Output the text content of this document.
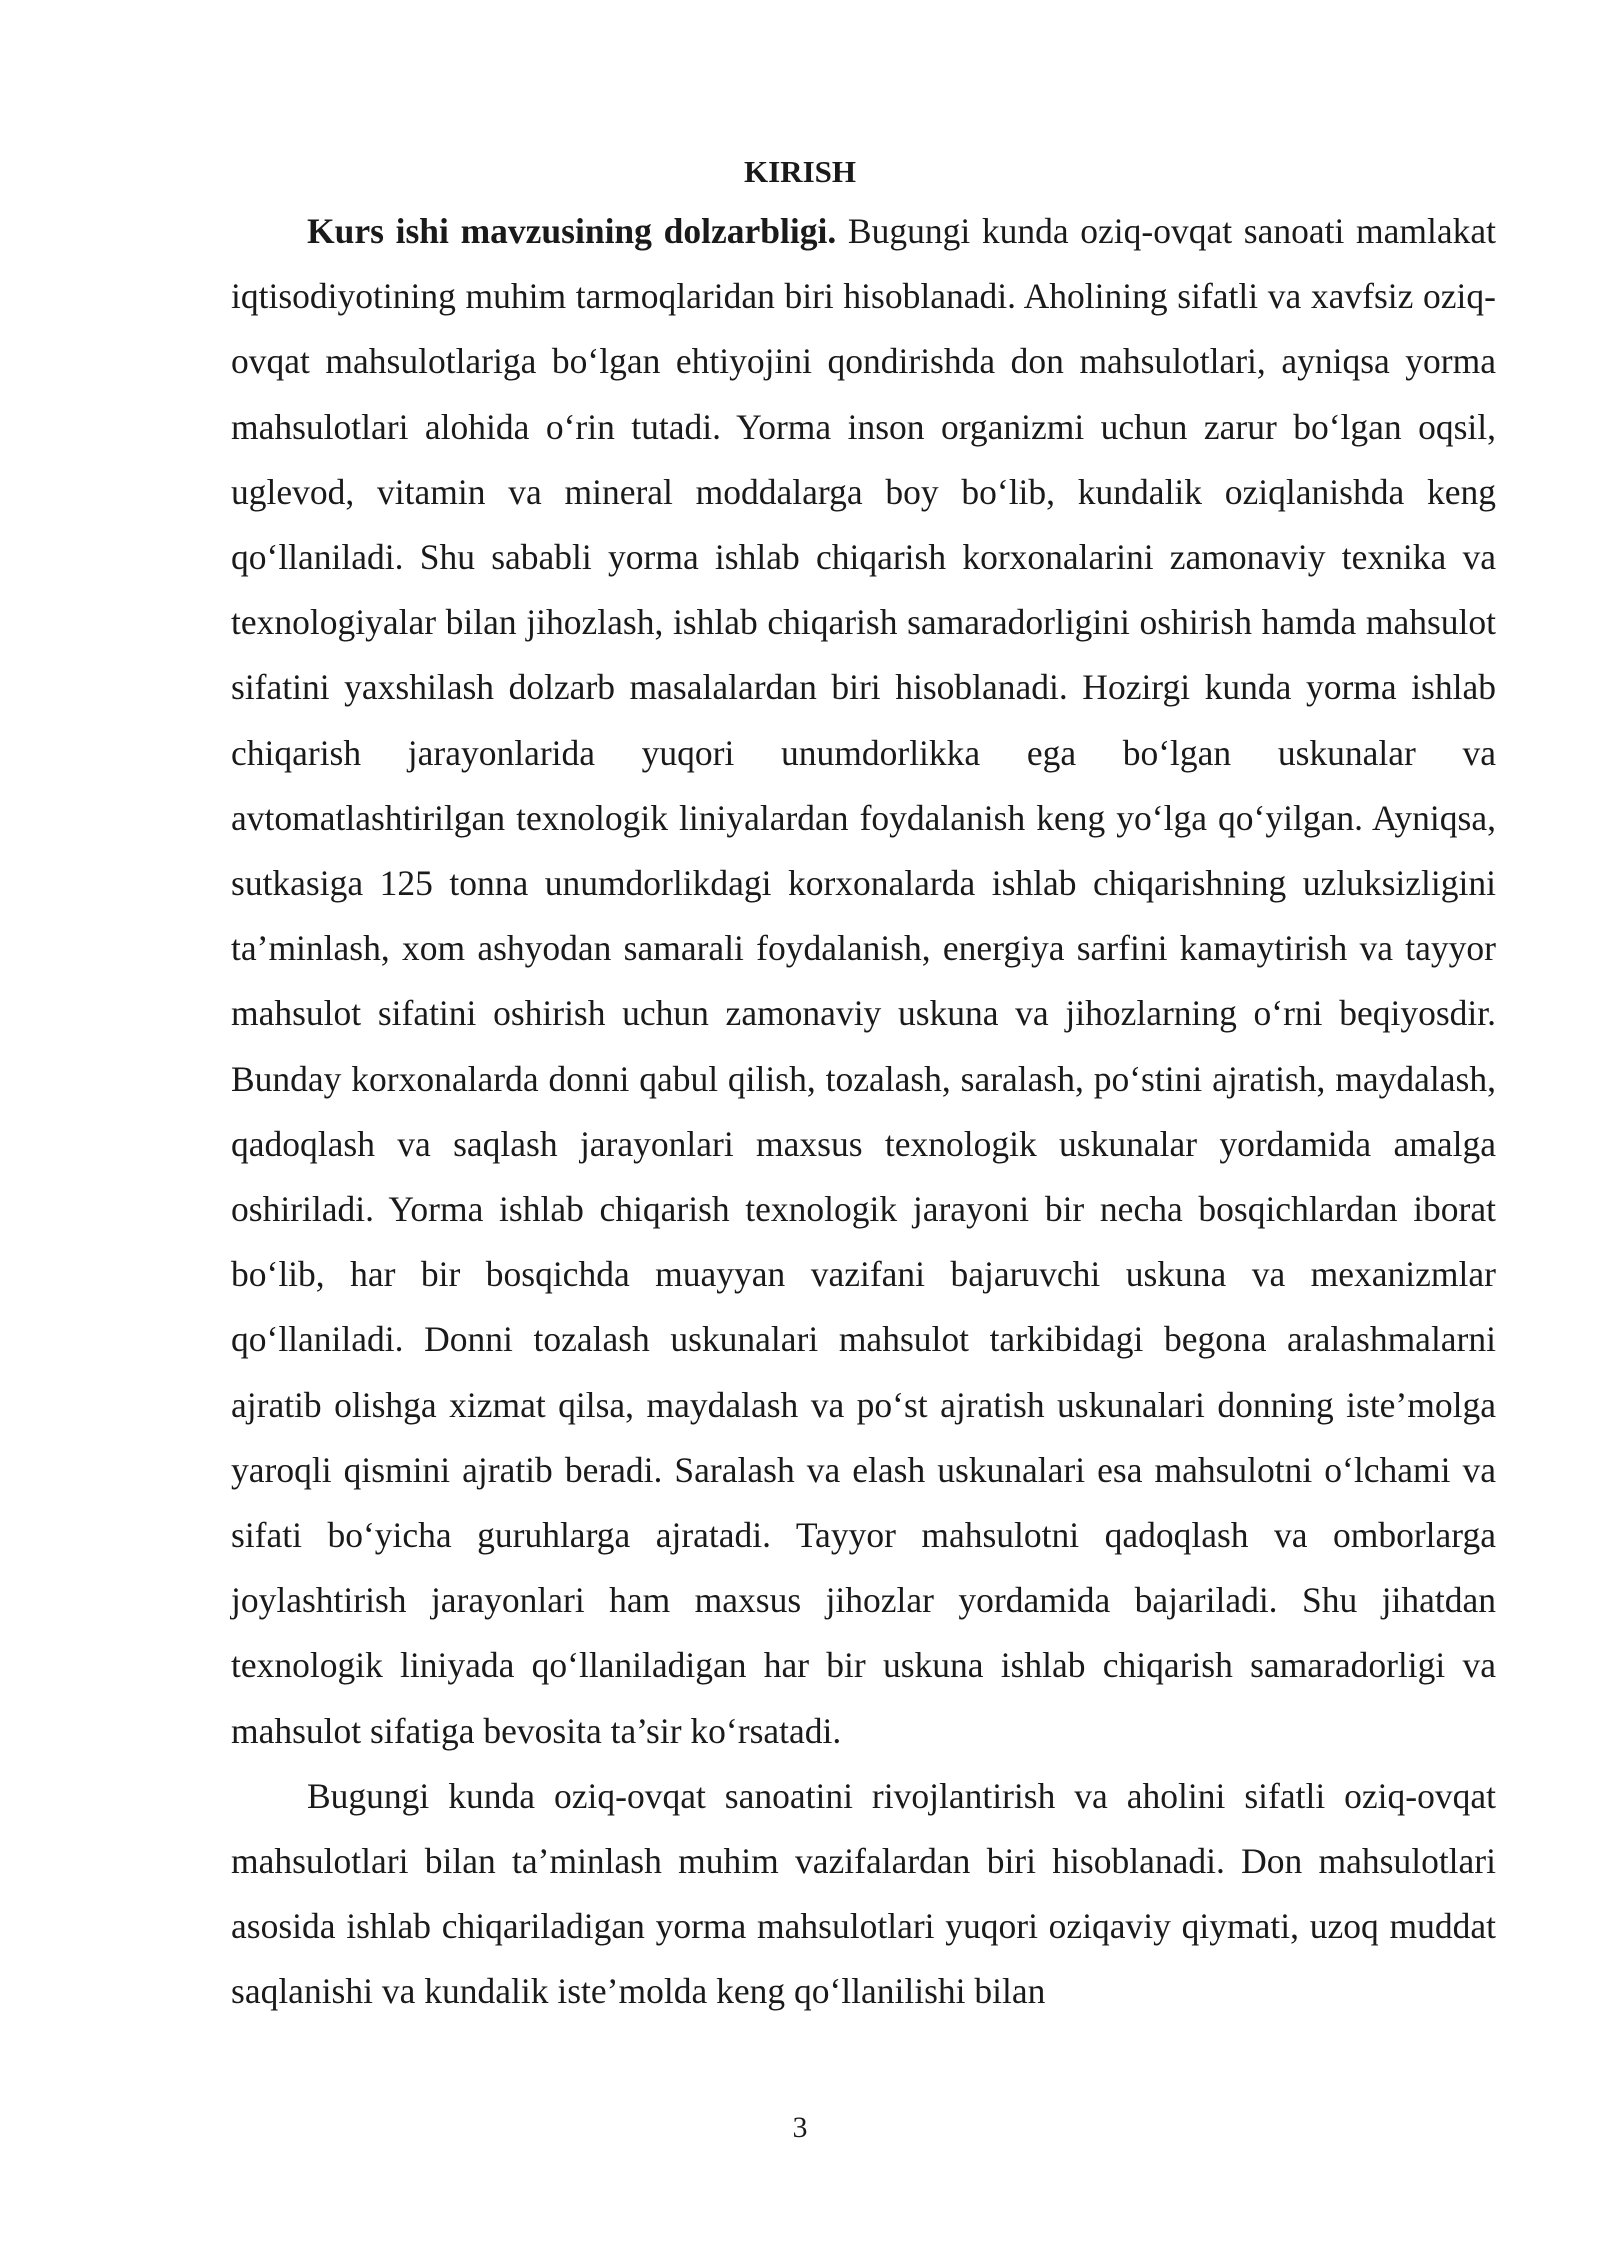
KIRISH

Kurs ishi mavzusining dolzarbligi. Bugungi kunda oziq-ovqat sanoati mamlakat iqtisodiyotining muhim tarmoqlaridan biri hisoblanadi. Aholining sifatli va xavfsiz oziq-ovqat mahsulotlariga bo‘lgan ehtiyojini qondirishda don mahsulotlari, ayniqsa yorma mahsulotlari alohida o‘rin tutadi. Yorma inson organizmi uchun zarur bo‘lgan oqsil, uglevod, vitamin va mineral moddalarga boy bo‘lib, kundalik oziqlanishda keng qo‘llaniladi. Shu sababli yorma ishlab chiqarish korxonalarini zamonaviy texnika va texnologiyalar bilan jihozlash, ishlab chiqarish samaradorligini oshirish hamda mahsulot sifatini yaxshilash dolzarb masalalardan biri hisoblanadi. Hozirgi kunda yorma ishlab chiqarish jarayonlarida yuqori unumdorlikka ega bo‘lgan uskunalar va avtomatlashtirilgan texnologik liniyalardan foydalanish keng yo‘lga qo‘yilgan. Ayniqsa, sutkasiga 125 tonna unumdorlikdagi korxonalarda ishlab chiqarishning uzluksizligini ta’minlash, xom ashyodan samarali foydalanish, energiya sarfini kamaytirish va tayyor mahsulot sifatini oshirish uchun zamonaviy uskuna va jihozlarning o‘rni beqiyosdir. Bunday korxonalarda donni qabul qilish, tozalash, saralash, po‘stini ajratish, maydalash, qadoqlash va saqlash jarayonlari maxsus texnologik uskunalar yordamida amalga oshiriladi. Yorma ishlab chiqarish texnologik jarayoni bir necha bosqichlardan iborat bo‘lib, har bir bosqichda muayyan vazifani bajaruvchi uskuna va mexanizmlar qo‘llaniladi. Donni tozalash uskunalari mahsulot tarkibidagi begona aralashmalarni ajratib olishga xizmat qilsa, maydalash va po‘st ajratish uskunalari donning iste’molga yaroqli qismini ajratib beradi. Saralash va elash uskunalari esa mahsulotni o‘lchami va sifati bo‘yicha guruhlarga ajratadi. Tayyor mahsulotni qadoqlash va omborlarga joylashtirish jarayonlari ham maxsus jihozlar yordamida bajariladi. Shu jihatdan texnologik liniyada qo‘llaniladigan har bir uskuna ishlab chiqarish samaradorligi va mahsulot sifatiga bevosita ta’sir ko‘rsatadi.

Bugungi kunda oziq-ovqat sanoatini rivojlantirish va aholini sifatli oziq-ovqat mahsulotlari bilan ta’minlash muhim vazifalardan biri hisoblanadi. Don mahsulotlari asosida ishlab chiqariladigan yorma mahsulotlari yuqori oziqaviy qiymati, uzoq muddat saqlanishi va kundalik iste’molda keng qo‘llanilishi bilan

3
